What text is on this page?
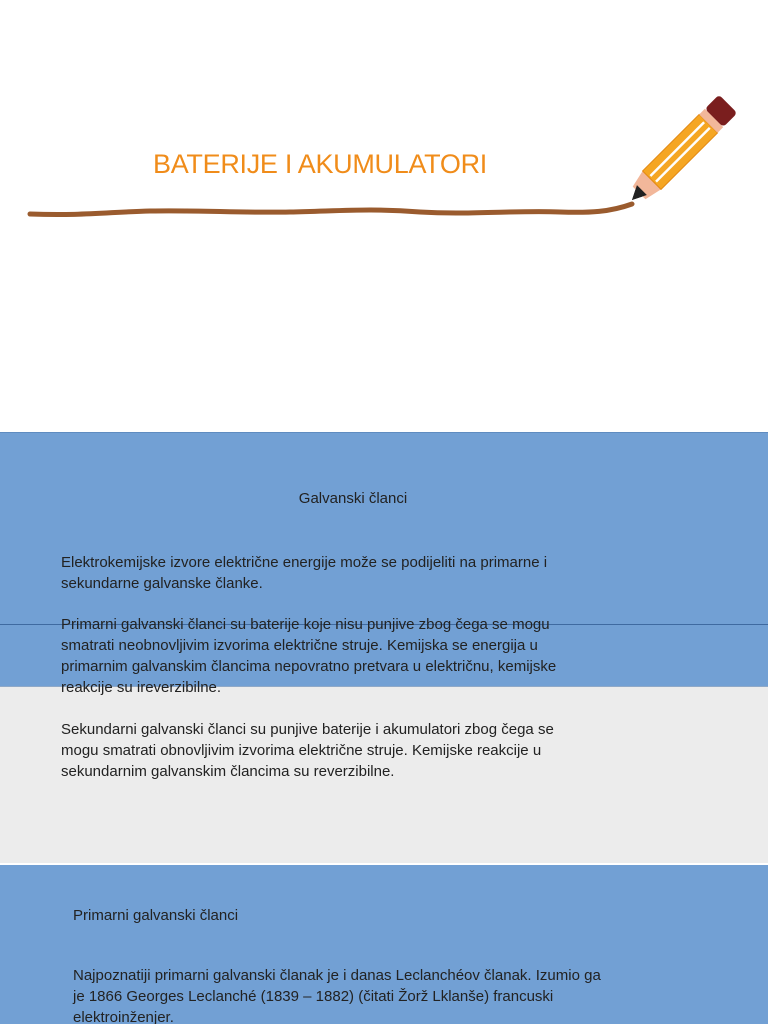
BATERIJE I AKUMULATORI
Galvanski članci
Elektrokemijske izvore električne energije može se podijeliti na primarne i
sekundarne galvanske članke.
Primarni galvanski članci su baterije koje nisu punjive zbog čega se mogu
smatrati neobnovljivim izvorima električne struje. Kemijska se energija u
primarnim galvanskim člancima nepovratno pretvara u električnu, kemijske
reakcije su ireverzibilne.
Sekundarni galvanski članci su punjive baterije i akumulatori zbog čega se
mogu smatrati obnovljivim izvorima električne struje. Kemijske reakcije u
sekundarnim galvanskim člancima su reverzibilne.
Primarni galvanski članci
Najpoznatiji primarni galvanski članak je i danas Leclanchéov članak. Izumio ga
je 1866 Georges Leclanché (1839 – 1882) (čitati Žorž Lklanše) francuski
elektroinženjer.
